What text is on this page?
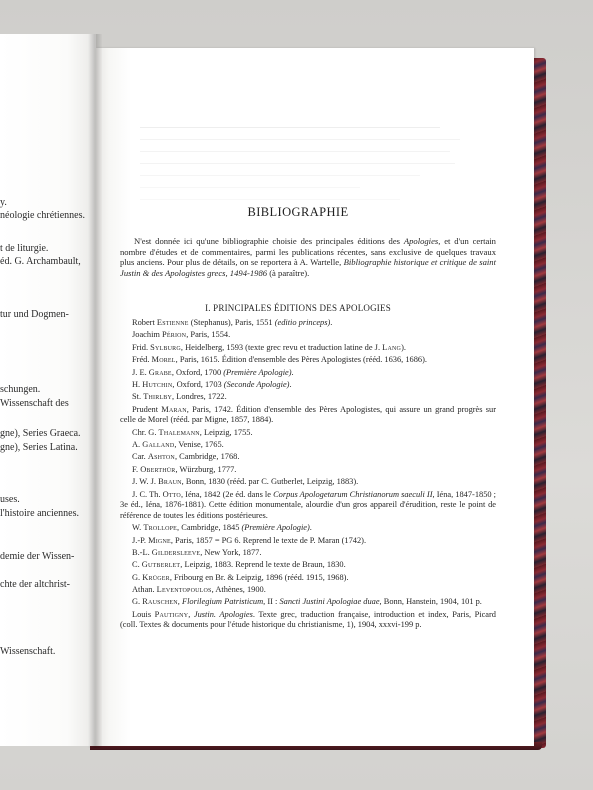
y.
néologie chrétiennes.
t de liturgie.
éd. G. Archambault,
tur und Dogmen-
schungen.
Wissenschaft des
gne), Series Graeca.
gne), Series Latina.
uses.
l'histoire anciennes.
demie der Wissen-
chte der altchrist-
Wissenschaft.
BIBLIOGRAPHIE
N'est donnée ici qu'une bibliographie choisie des principales éditions des Apologies, et d'un certain nombre d'études et de commentaires, parmi les publications récentes, sans exclusive de quelques travaux plus anciens. Pour plus de détails, on se reportera à A. Wartelle, Bibliographie historique et critique de saint Justin & des Apologistes grecs, 1494-1986 (à paraître).
I. PRINCIPALES ÉDITIONS DES APOLOGIES
Robert Estienne (Stephanus), Paris, 1551 (editio princeps).
Joachim Périon, Paris, 1554.
Frid. Sylburg, Heidelberg, 1593 (texte grec revu et traduction latine de J. Lang).
Fréd. Morel, Paris, 1615. Édition d'ensemble des Pères Apologistes (rééd. 1636, 1686).
J. E. Grabe, Oxford, 1700 (Première Apologie).
H. Hutchin, Oxford, 1703 (Seconde Apologie).
St. Thirlby, Londres, 1722.
Prudent Maran, Paris, 1742. Édition d'ensemble des Pères Apologistes, qui assure un grand progrès sur celle de Morel (rééd. par Migne, 1857, 1884).
Chr. G. Thalemann, Leipzig, 1755.
A. Galland, Venise, 1765.
Car. Ashton, Cambridge, 1768.
F. Oberthür, Würzburg, 1777.
J. W. J. Braun, Bonn, 1830 (rééd. par C. Gutberlet, Leipzig, 1883).
J. C. Th. Otto, Iéna, 1842 (2e éd. dans le Corpus Apologetarum Christianorum saeculi II, Iéna, 1847-1850 ; 3e éd., Iéna, 1876-1881). Cette édition monumentale, alourdie d'un gros appareil d'érudition, reste le point de référence de toutes les éditions postérieures.
W. Trollope, Cambridge, 1845 (Première Apologie).
J.-P. Migne, Paris, 1857 = PG 6. Reprend le texte de P. Maran (1742).
B.-L. Gildersleeve, New York, 1877.
C. Gutberlet, Leipzig, 1883. Reprend le texte de Braun, 1830.
G. Krüger, Fribourg en Br. & Leipzig, 1896 (rééd. 1915, 1968).
Athan. Leventopoulos, Athènes, 1900.
G. Rauschen, Florilegium Patristicum, II : Sancti Justini Apologiae duae, Bonn, Hanstein, 1904, 101 p.
Louis Pautigny, Justin. Apologies. Texte grec, traduction française, introduction et index, Paris, Picard (coll. Textes & documents pour l'étude historique du christianisme, 1), 1904, xxxvi-199 p.
